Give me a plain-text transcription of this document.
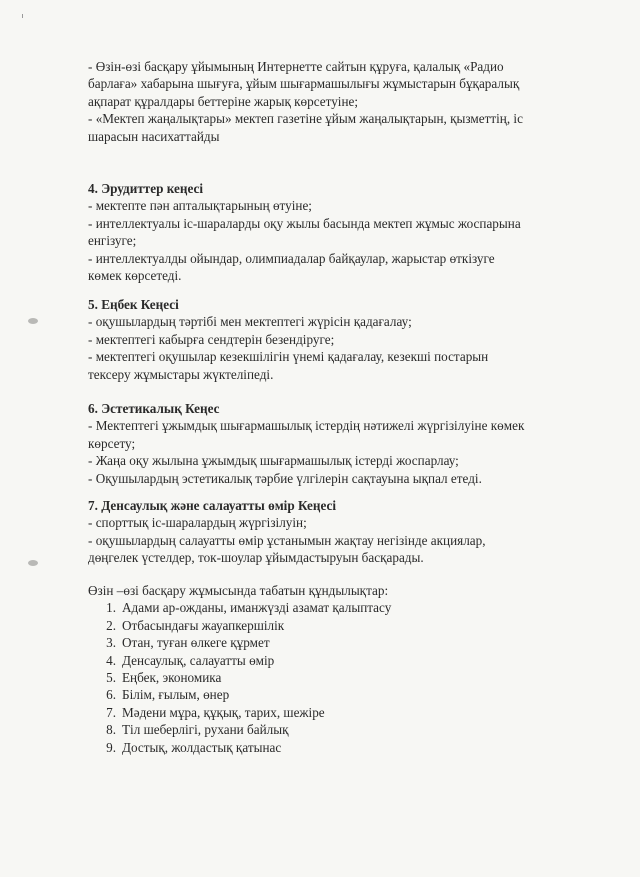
- Өзін-өзі басқару ұйымының Интернетте сайтын құруға, қалалық «Радио
барлаға» хабарына шығуға, ұйым шығармашылығы жұмыстарын бұқаралық
ақпарат құралдары беттеріне жарық көрсетуіне;
- «Мектеп жаңалықтары» мектеп газетіне ұйым жаңалықтарын, қызметтің, іс
шарасын насихаттайды
4. Эрудиттер кеңесі
- мектепте пән апталықтарының өтуіне;
- интеллектуалы іс-шараларды оқу жылы басында мектеп жұмыс жоспарына
енгізуге;
- интеллектуалды ойындар, олимпиадалар байқаулар, жарыстар өткізуге
көмек көрсетеді.
5. Еңбек Кеңесі
- оқушылардың тәртібі мен мектептегі жүрісін қадағалау;
- мектептегі кабырға сендтерін безендіруге;
- мектептегі оқушылар кезекшілігін үнемі қадағалау, кезекші постарын
тексеру жұмыстары жүктеліпеді.
6. Эстетикалық Кеңес
- Мектептегі ұжымдық шығармашылық істердің нәтижелі жүргізілуіне көмек
көрсету;
- Жаңа оқу жылына ұжымдық шығармашылық істерді жоспарлау;
- Оқушылардың эстетикалық тәрбие үлгілерін сақтауына ықпал етеді.
7. Денсаулық және салауатты өмір Кеңесі
- спорттық іс-шаралардың жүргізілуін;
- оқушылардың салауатты өмір ұстанымын жақтау негізінде акциялар,
дөңгелек үстелдер, ток-шоулар ұйымдастыруын басқарады.
Өзін –өзі басқару жұмысында табатын құндылықтар:
1. Адами ар-ожданы, иманжүзді азамат қалыптасу
2. Отбасындағы жауапкершілік
3. Отан, туған өлкеге құрмет
4. Денсаулық, салауатты өмір
5. Еңбек, экономика
6. Білім, ғылым, өнер
7. Мәдени мұра, құқық, тарих, шежіре
8. Тіл шеберлігі, рухани байлық
9. Достық, жолдастық қатынас
